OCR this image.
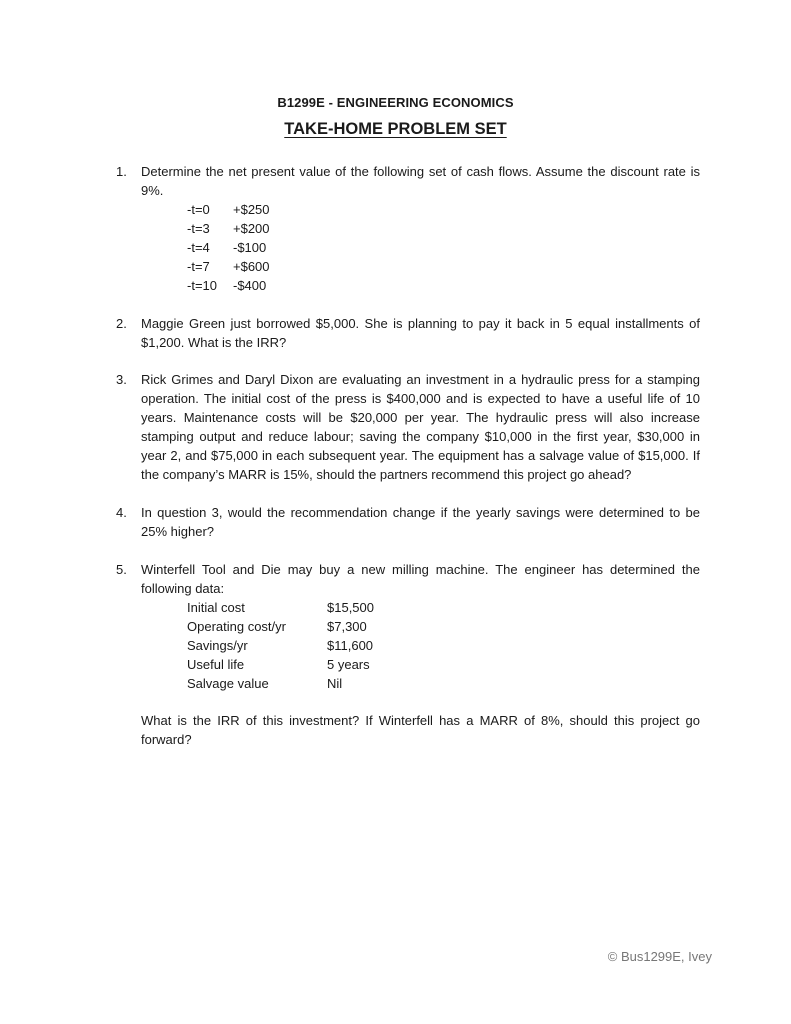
B1299E - ENGINEERING ECONOMICS
TAKE-HOME PROBLEM SET
1.	Determine the net present value of the following set of cash flows. Assume the discount rate is 9%.

-t=0	+$250
-t=3	+$200
-t=4	-$100
-t=7	+$600
-t=10	-$400
2.	Maggie Green just borrowed $5,000. She is planning to pay it back in 5 equal installments of $1,200. What is the IRR?

3.	Rick Grimes and Daryl Dixon are evaluating an investment in a hydraulic press for a stamping operation. The initial cost of the press is $400,000 and is expected to have a useful life of 10 years. Maintenance costs will be $20,000 per year. The hydraulic press will also increase stamping output and reduce labour; saving the company $10,000 in the first year, $30,000 in year 2, and $75,000 in each subsequent year. The equipment has a salvage value of $15,000. If the company’s MARR is 15%, should the partners recommend this project go ahead?

4.	In question 3, would the recommendation change if the yearly savings were determined to be 25% higher?

5.	Winterfell Tool and Die may buy a new milling machine. The engineer has determined the following data:

Initial cost	$15,500
Operating cost/yr	$7,300
Savings/yr	$11,600
Useful life	5 years
Salvage value	Nil

What is the IRR of this investment? If Winterfell has a MARR of 8%, should this project go forward?

© Bus1299E, Ivey
